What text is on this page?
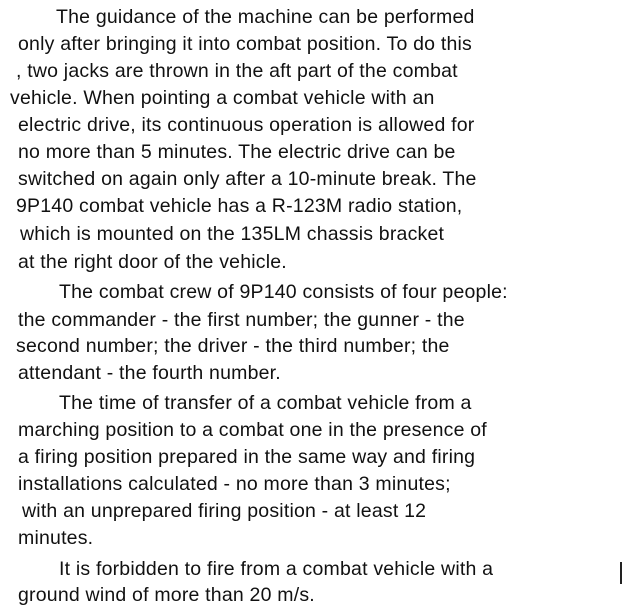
The guidance of the machine can be performed
only after bringing it into combat position. To do this
, two jacks are thrown in the aft part of the combat
vehicle. When pointing a combat vehicle with an
electric drive, its continuous operation is allowed for
no more than 5 minutes. The electric drive can be
switched on again only after a 10-minute break. The
9P140 combat vehicle has a R-123M radio station,
which is mounted on the 135LM chassis bracket
at the right door of the vehicle.
The combat crew of 9P140 consists of four people:
the commander - the first number; the gunner - the
second number; the driver - the third number; the
attendant - the fourth number.
The time of transfer of a combat vehicle from a
marching position to a combat one in the presence of
a firing position prepared in the same way and firing
installations calculated - no more than 3 minutes;
with an unprepared firing position - at least 12
minutes.
It is forbidden to fire from a combat vehicle with a
ground wind of more than 20 m/s.
